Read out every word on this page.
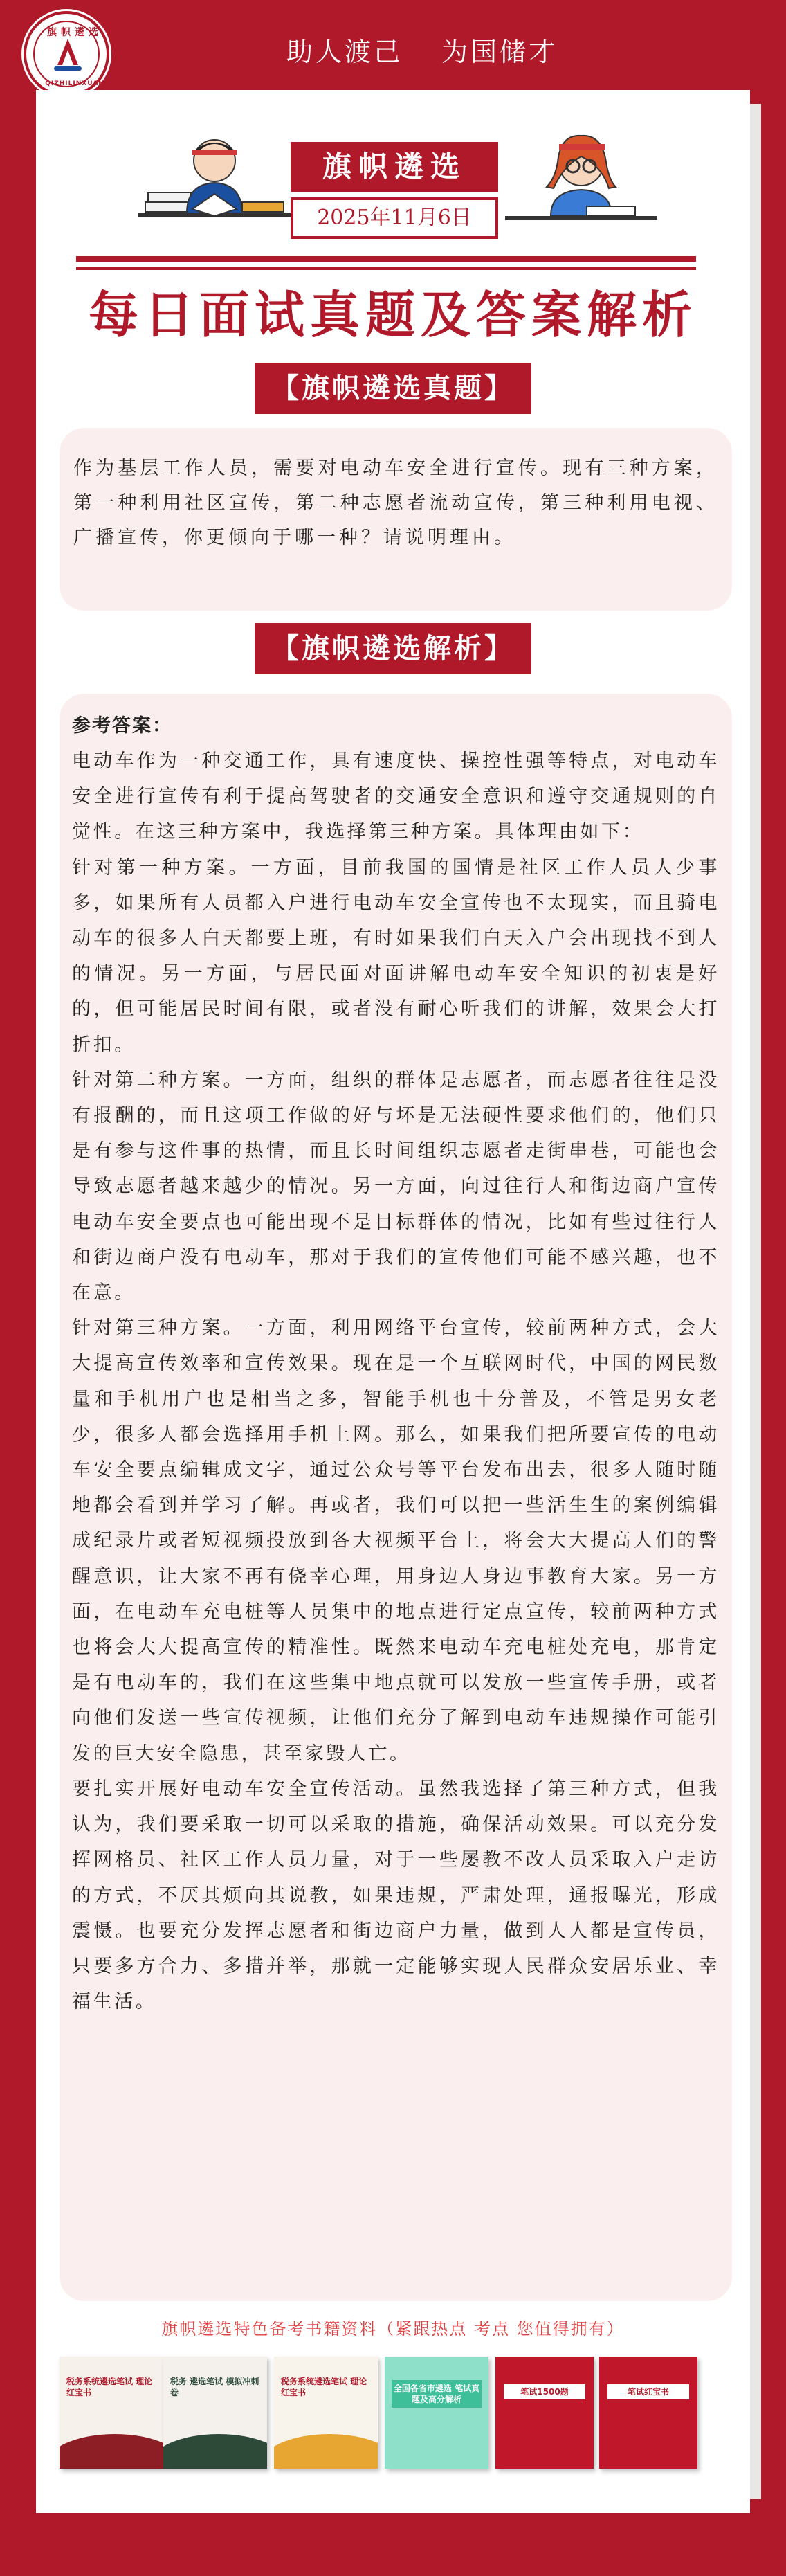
旗帜遴选
QIZHILINXUAN
助人渡己 为国储才
旗帜遴选
2025年11月6日
每日面试真题及答案解析
【旗帜遴选真题】

作为基层工作人员，需要对电动车安全进行宣传。现有三种方案，第一种利用社区宣传，第二种志愿者流动宣传，第三种利用电视、广播宣传，你更倾向于哪一种？请说明理由。

【旗帜遴选解析】
参考答案：

电动车作为一种交通工作，具有速度快、操控性强等特点，对电动车安全进行宣传有利于提高驾驶者的交通安全意识和遵守交通规则的自觉性。在这三种方案中，我选择第三种方案。具体理由如下：

针对第一种方案。一方面，目前我国的国情是社区工作人员人少事多，如果所有人员都入户进行电动车安全宣传也不太现实，而且骑电动车的很多人白天都要上班，有时如果我们白天入户会出现找不到人的情况。另一方面，与居民面对面讲解电动车安全知识的初衷是好的，但可能居民时间有限，或者没有耐心听我们的讲解，效果会大打折扣。

针对第二种方案。一方面，组织的群体是志愿者，而志愿者往往是没有报酬的，而且这项工作做的好与坏是无法硬性要求他们的，他们只是有参与这件事的热情，而且长时间组织志愿者走街串巷，可能也会导致志愿者越来越少的情况。另一方面，向过往行人和街边商户宣传电动车安全要点也可能出现不是目标群体的情况，比如有些过往行人和街边商户没有电动车，那对于我们的宣传他们可能不感兴趣，也不在意。

针对第三种方案。一方面，利用网络平台宣传，较前两种方式，会大大提高宣传效率和宣传效果。现在是一个互联网时代，中国的网民数量和手机用户也是相当之多，智能手机也十分普及，不管是男女老少，很多人都会选择用手机上网。那么，如果我们把所要宣传的电动车安全要点编辑成文字，通过公众号等平台发布出去，很多人随时随地都会看到并学习了解。再或者，我们可以把一些活生生的案例编辑成纪录片或者短视频投放到各大视频平台上，将会大大提高人们的警醒意识，让大家不再有侥幸心理，用身边人身边事教育大家。另一方面，在电动车充电桩等人员集中的地点进行定点宣传，较前两种方式也将会大大提高宣传的精准性。既然来电动车充电桩处充电，那肯定是有电动车的，我们在这些集中地点就可以发放一些宣传手册，或者向他们发送一些宣传视频，让他们充分了解到电动车违规操作可能引发的巨大安全隐患，甚至家毁人亡。

要扎实开展好电动车安全宣传活动。虽然我选择了第三种方式，但我认为，我们要采取一切可以采取的措施，确保活动效果。可以充分发挥网格员、社区工作人员力量，对于一些屡教不改人员采取入户走访的方式，不厌其烦向其说教，如果违规，严肃处理，通报曝光，形成震慑。也要充分发挥志愿者和街边商户力量，做到人人都是宣传员，只要多方合力、多措并举，那就一定能够实现人民群众安居乐业、幸福生活。

旗帜遴选特色备考书籍资料（紧跟热点 考点 您值得拥有）
税务系统遴选笔试 理论红宝书
税务 遴选笔试 模拟冲刺卷
税务系统遴选笔试 理论红宝书	全国各省市遴选 笔试真题及高分解析
笔试1500题	笔试红宝书
